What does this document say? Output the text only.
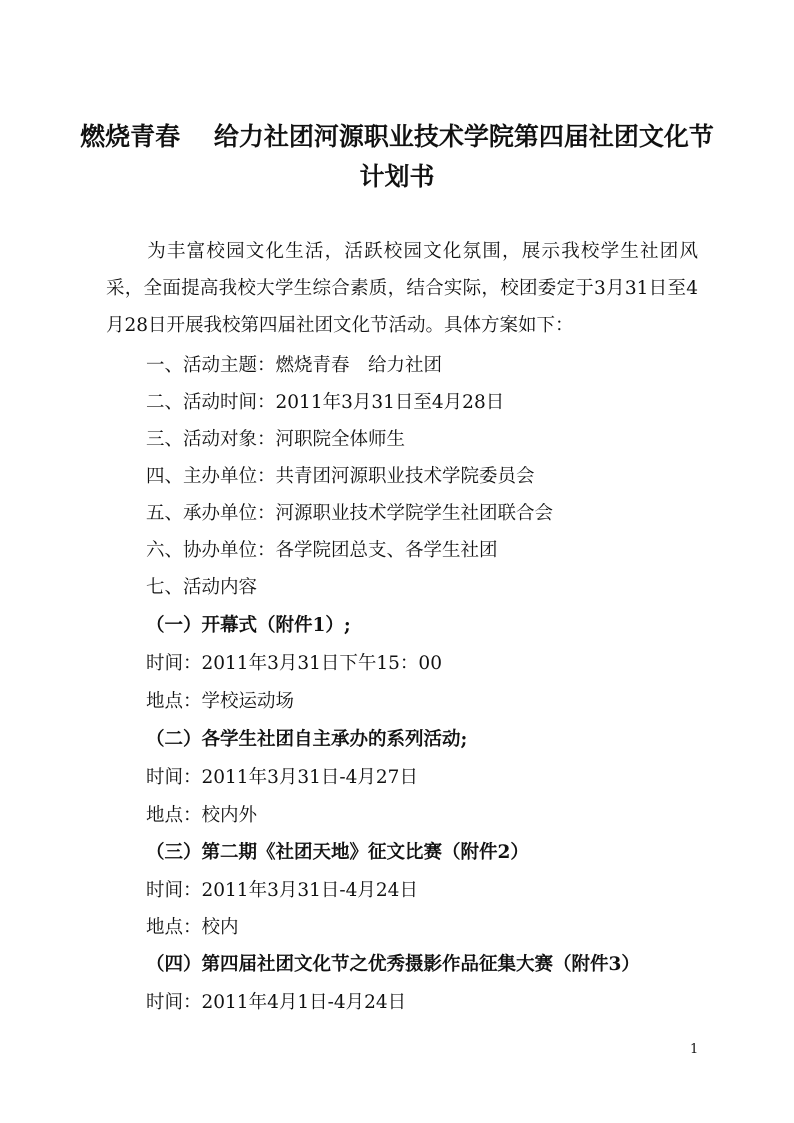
燃烧青春　 给力社团河源职业技术学院第四届社团文化节
计划书
为丰富校园文化生活，活跃校园文化氛围，展示我校学生社团风采，全面提高我校大学生综合素质，结合实际，校团委定于3月31日至4月28日开展我校第四届社团文化节活动。具体方案如下：
一、活动主题：燃烧青春　给力社团
二、活动时间：2011年3月31日至4月28日
三、活动对象：河职院全体师生
四、主办单位：共青团河源职业技术学院委员会
五、承办单位：河源职业技术学院学生社团联合会
六、协办单位：各学院团总支、各学生社团
七、活动内容
（一）开幕式（附件1）;
时间：2011年3月31日下午15：00
地点：学校运动场
（二）各学生社团自主承办的系列活动;
时间：2011年3月31日-4月27日
地点：校内外
（三）第二期《社团天地》征文比赛（附件2）
时间：2011年3月31日-4月24日
地点：校内
（四）第四届社团文化节之优秀摄影作品征集大赛（附件3）
时间：2011年4月1日-4月24日
1
